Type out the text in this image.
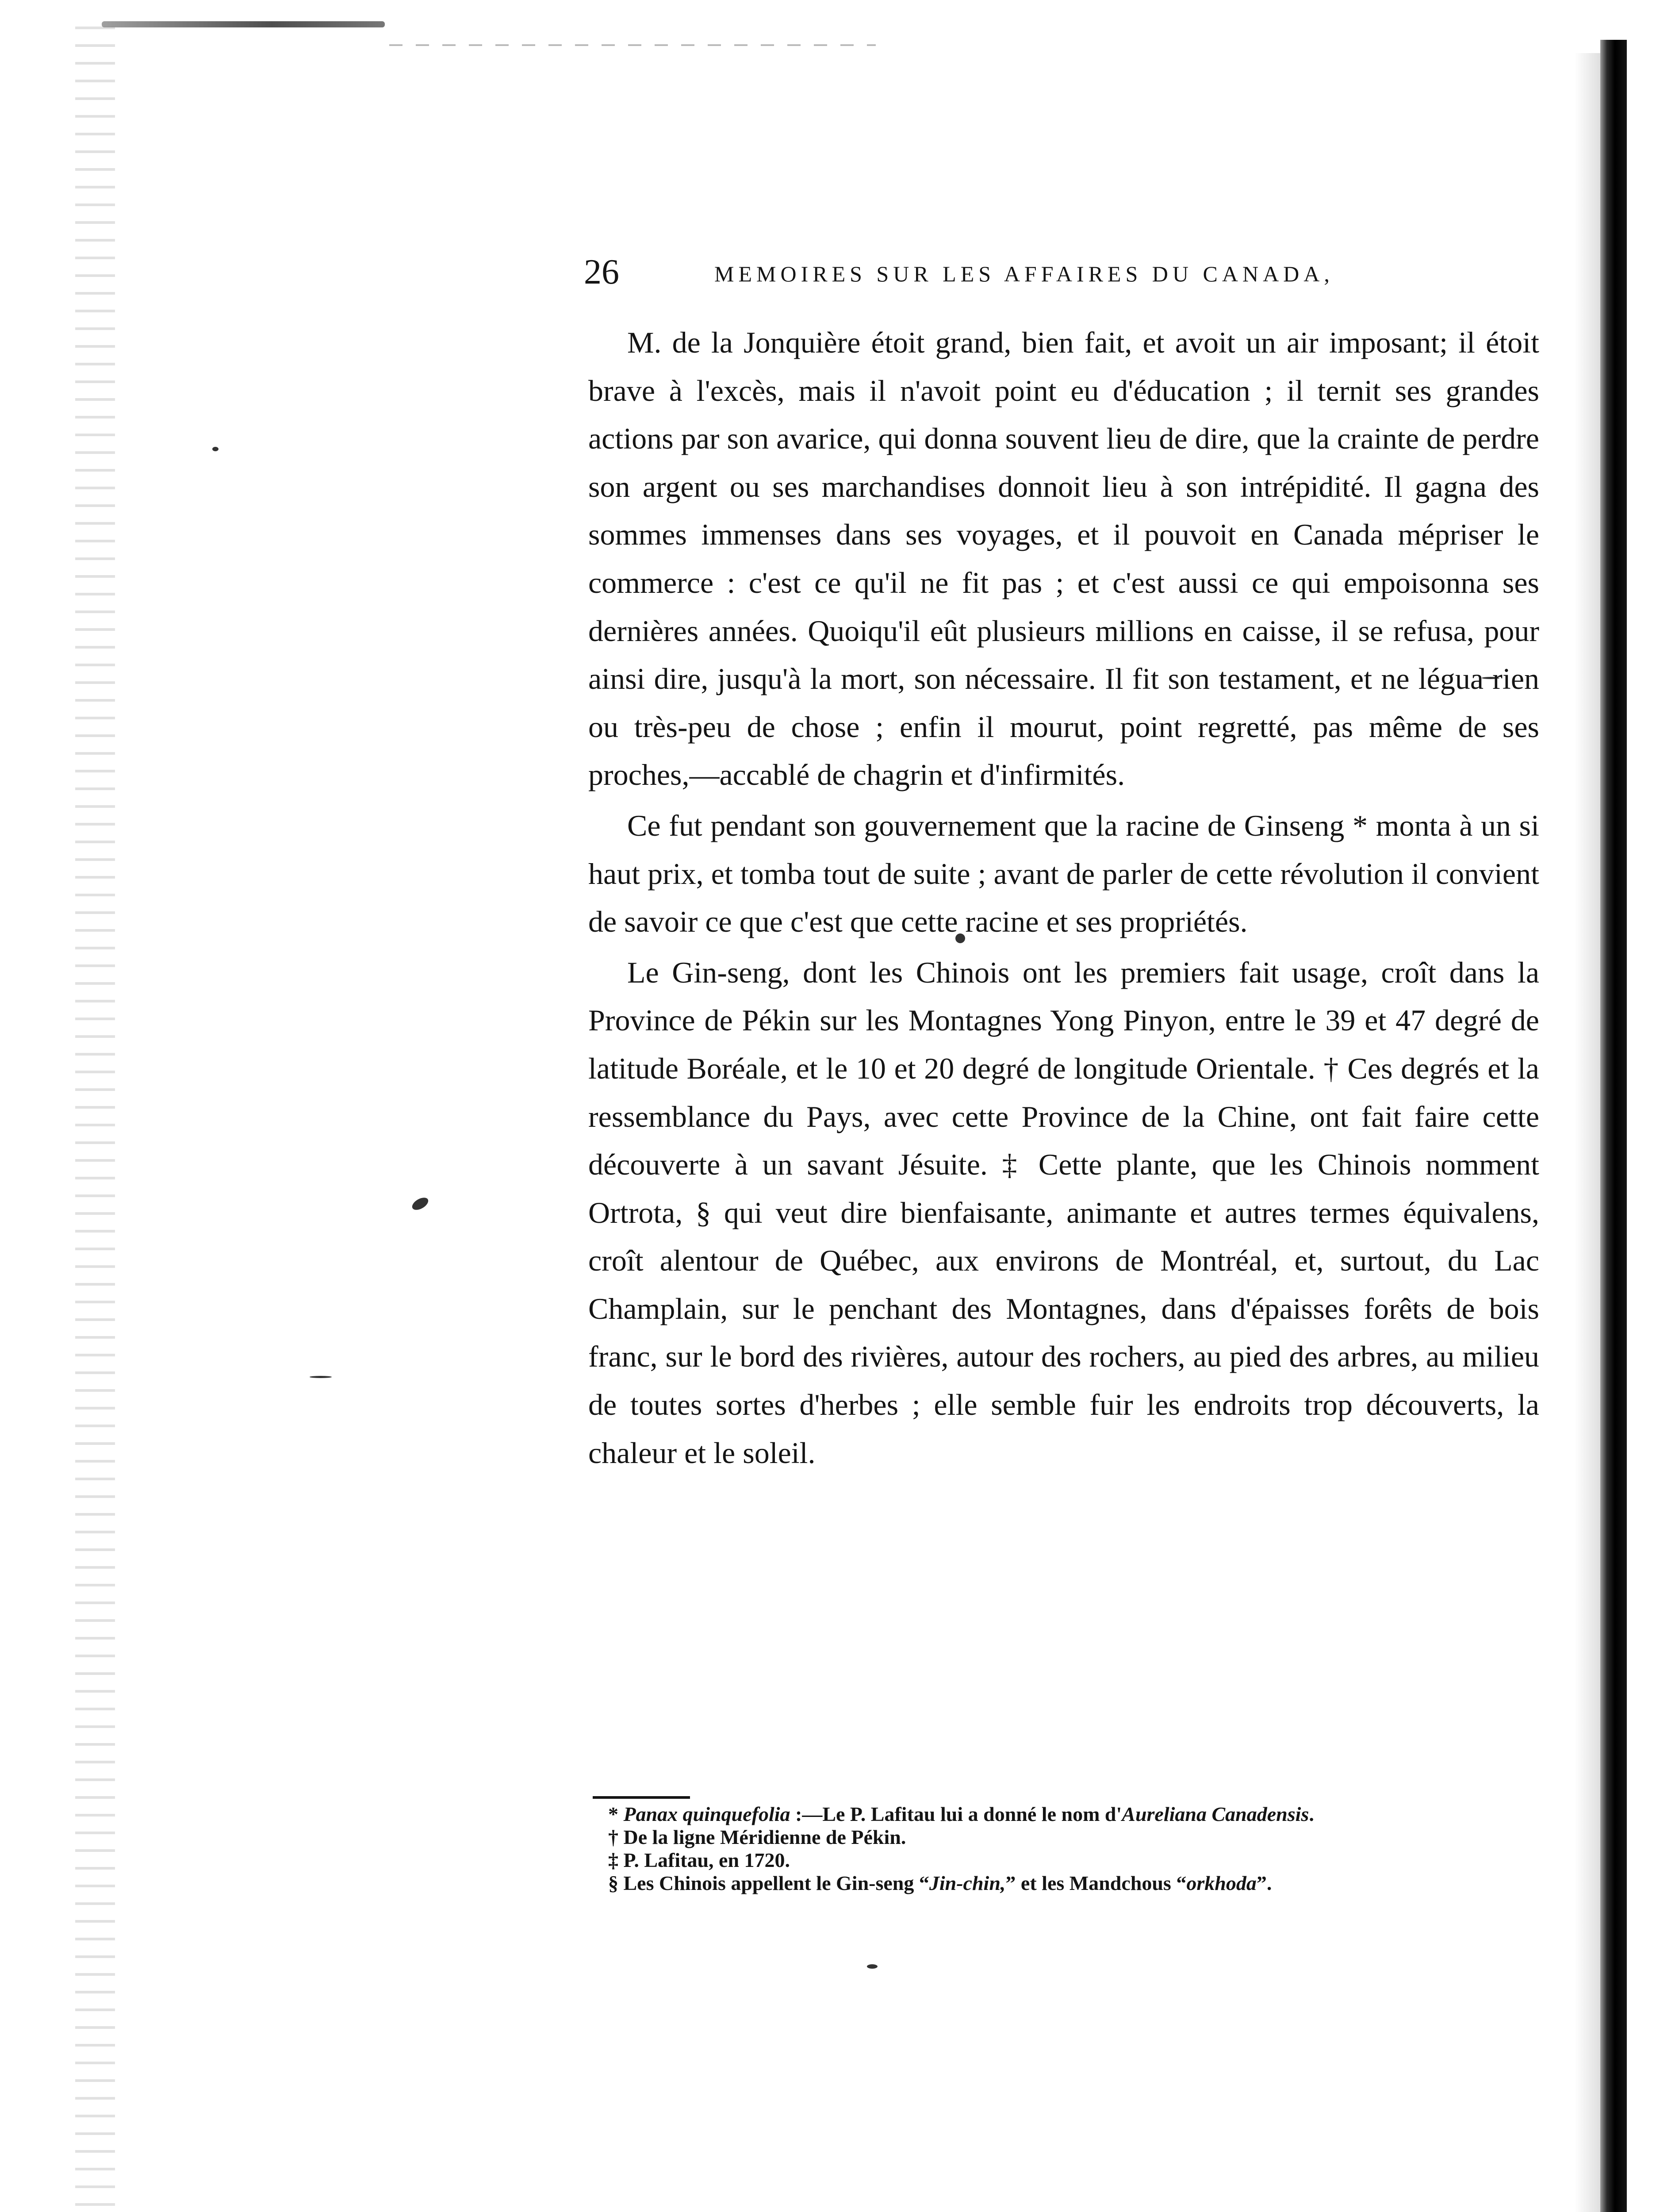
26	MEMOIRES SUR LES AFFAIRES DU CANADA,

M. de la Jonquière étoit grand, bien fait, et avoit un air imposant; il étoit brave à l'excès, mais il n'avoit point eu d'éducation ; il ternit ses grandes actions par son avarice, qui donna souvent lieu de dire, que la crainte de perdre son argent ou ses marchandises donnoit lieu à son intrépidité. Il gagna des sommes immenses dans ses voyages, et il pouvoit en Canada mépriser le commerce : c'est ce qu'il ne fit pas ; et c'est aussi ce qui empoisonna ses dernières années. Quoiqu'il eût plusieurs millions en caisse, il se refusa, pour ainsi dire, jusqu'à la mort, son nécessaire. Il fit son testament, et ne légua rien ou très-peu de chose ; enfin il mourut, point regretté, pas même de ses proches,—accablé de chagrin et d'infirmités.

Ce fut pendant son gouvernement que la racine de Ginseng * monta à un si haut prix, et tomba tout de suite ; avant de parler de cette révolution il convient de savoir ce que c'est que cette racine et ses propriétés.

Le Gin-seng, dont les Chinois ont les premiers fait usage, croît dans la Province de Pékin sur les Montagnes Yong Pinyon, entre le 39 et 47 degré de latitude Boréale, et le 10 et 20 degré de longitude Orientale. † Ces degrés et la ressemblance du Pays, avec cette Province de la Chine, ont fait faire cette découverte à un savant Jésuite. ‡ Cette plante, que les Chinois nomment Ortrota, § qui veut dire bienfaisante, animante et autres termes équivalens, croît alentour de Québec, aux environs de Montréal, et, surtout, du Lac Champlain, sur le penchant des Montagnes, dans d'épaisses forêts de bois franc, sur le bord des rivières, autour des rochers, au pied des arbres, au milieu de toutes sortes d'herbes ; elle semble fuir les endroits trop découverts, la chaleur et le soleil.

* Panax quinquefolia :—Le P. Lafitau lui a donné le nom d'Aureliana Canadensis.
† De la ligne Méridienne de Pékin.
‡ P. Lafitau, en 1720.
§ Les Chinois appellent le Gin-seng “Jin-chin,” et les Mandchous “orkhoda”.
